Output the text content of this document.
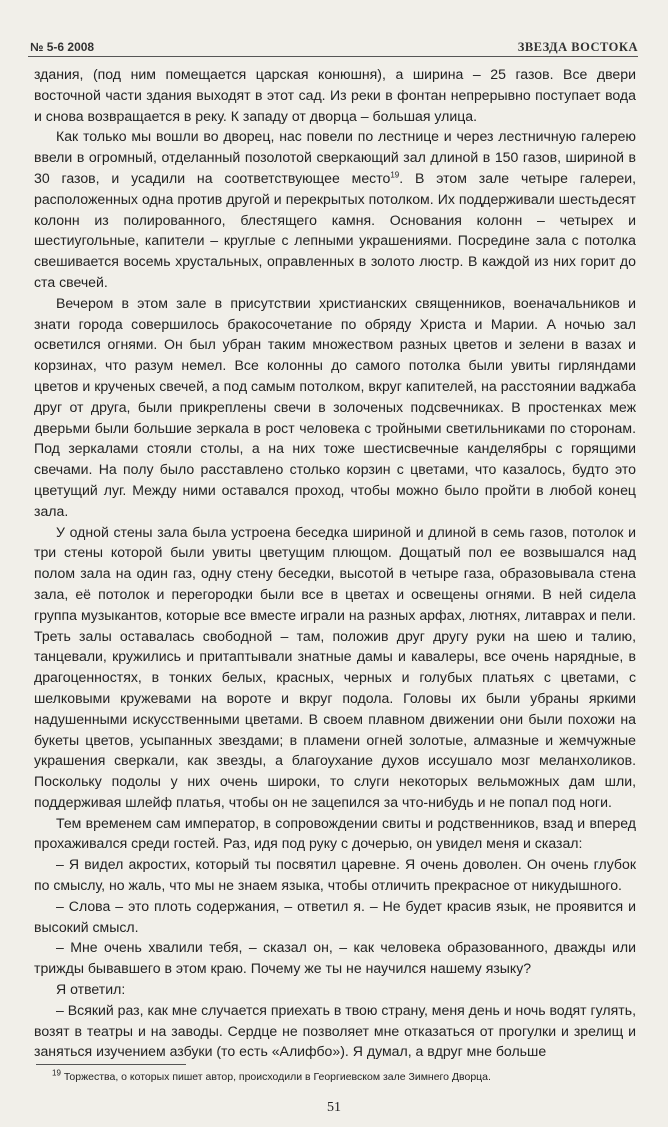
№ 5-6 2008	ЗВЕЗДА ВОСТОКА

здания, (под ним помещается царская конюшня), а ширина – 25 газов. Все двери восточной части здания выходят в этот сад. Из реки в фонтан непрерывно поступает вода и снова возвращается в реку. К западу от дворца – большая улица.

Как только мы вошли во дворец, нас повели по лестнице и через лестничную галерею ввели в огромный, отделанный позолотой сверкающий зал длиной в 150 газов, шириной в 30 газов, и усадили на соответствующее место$^{19}$. В этом зале четыре галереи, расположенных одна против другой и перекрытых потолком. Их поддерживали шестьдесят колонн из полированного, блестящего камня. Основания колонн – четырех и шестиугольные, капители – круглые с лепными украшениями. Посредине зала с потолка свешивается восемь хрустальных, оправленных в золото люстр. В каждой из них горит до ста свечей.

Вечером в этом зале в присутствии христианских священников, военачальников и знати города совершилось бракосочетание по обряду Христа и Марии. А ночью зал осветился огнями. Он был убран таким множеством разных цветов и зелени в вазах и корзинах, что разум немел. Все колонны до самого потолка были увиты гирляндами цветов и крученых свечей, а под самым потолком, вкруг капителей, на расстоянии ваджаба друг от друга, были прикреплены свечи в золоченых подсвечниках. В простенках меж дверьми были большие зеркала в рост человека с тройными светильниками по сторонам. Под зеркалами стояли столы, а на них тоже шестисвечные канделябры с горящими свечами. На полу было расставлено столько корзин с цветами, что казалось, будто это цветущий луг. Между ними оставался проход, чтобы можно было пройти в любой конец зала.

У одной стены зала была устроена беседка шириной и длиной в семь газов, потолок и три стены которой были увиты цветущим плющом. Дощатый пол ее возвышался над полом зала на один газ, одну стену беседки, высотой в четыре газа, образовывала стена зала, её потолок и перегородки были все в цветах и освещены огнями. В ней сидела группа музыкантов, которые все вместе играли на разных арфах, лютнях, литаврах и пели. Треть залы оставалась свободной – там, положив друг другу руки на шею и талию, танцевали, кружились и притаптывали знатные дамы и кавалеры, все очень нарядные, в драгоценностях, в тонких белых, красных, черных и голубых платьях с цветами, с шелковыми кружевами на вороте и вкруг подола. Головы их были убраны яркими надушенными искусственными цветами. В своем плавном движении они были похожи на букеты цветов, усыпанных звездами; в пламени огней золотые, алмазные и жемчужные украшения сверкали, как звезды, а благоухание духов иссушало мозг меланхоликов. Поскольку подолы у них очень широки, то слуги некоторых вельможных дам шли, поддерживая шлейф платья, чтобы он не зацепился за что-нибудь и не попал под ноги.

Тем временем сам император, в сопровождении свиты и родственников, взад и вперед прохаживался среди гостей. Раз, идя под руку с дочерью, он увидел меня и сказал:

– Я видел акростих, который ты посвятил царевне. Я очень доволен. Он очень глубок по смыслу, но жаль, что мы не знаем языка, чтобы отличить прекрасное от никудышного.

– Слова – это плоть содержания, – ответил я. – Не будет красив язык, не проявится и высокий смысл.

– Мне очень хвалили тебя, – сказал он, – как человека образованного, дважды или трижды бывавшего в этом краю. Почему же ты не научился нашему языку?

Я ответил:

– Всякий раз, как мне случается приехать в твою страну, меня день и ночь водят гулять, возят в театры и на заводы. Сердце не позволяет мне отказаться от прогулки и зрелищ и заняться изучением азбуки (то есть «Алифбо»). Я думал, а вдруг мне больше

$^{19}$ Торжества, о которых пишет автор, происходили в Георгиевском зале Зимнего Дворца.
51
